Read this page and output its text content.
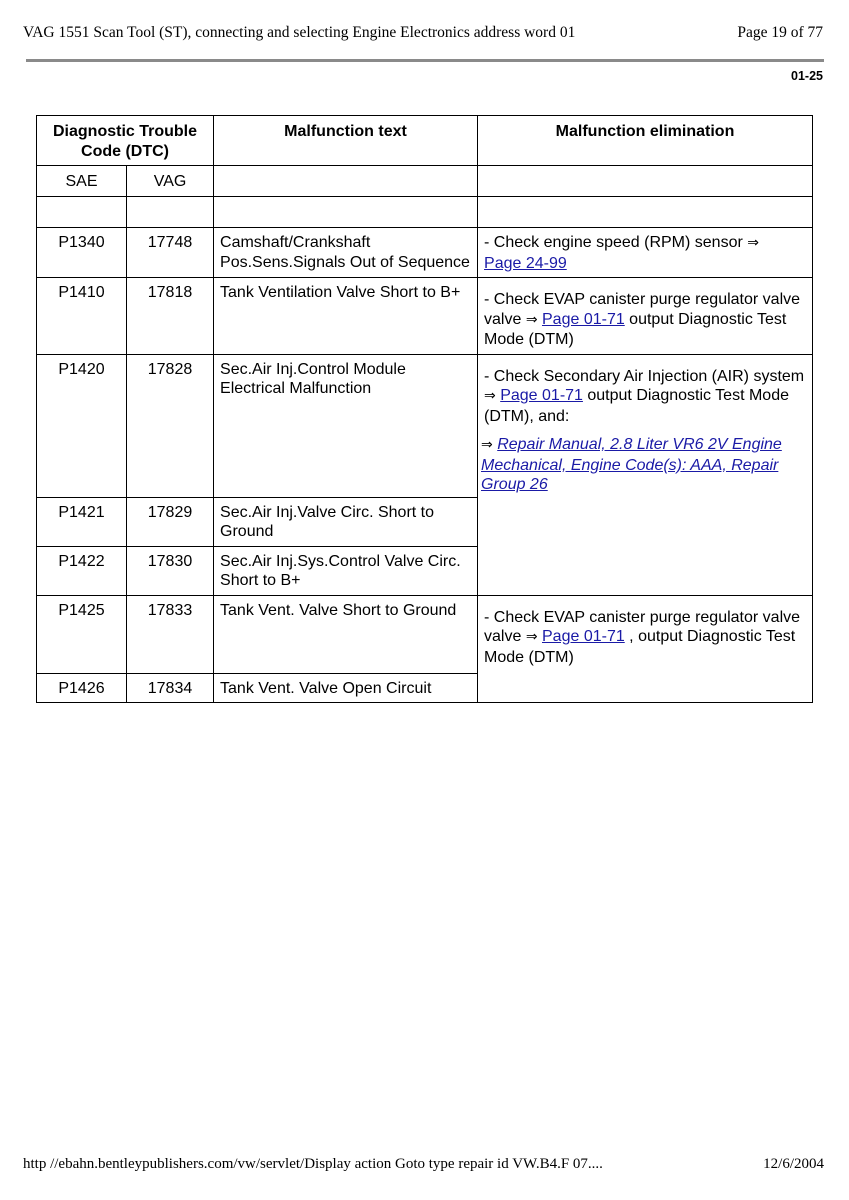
VAG 1551 Scan Tool (ST), connecting and selecting Engine Electronics address word 01	Page 19 of 77
01-25
Diagnostic Trouble Code (DTC)		Malfunction text	Malfunction elimination
SAE	VAG		

P1340	17748	Camshaft/Crankshaft Pos.Sens.Signals Out of Sequence	- Check engine speed (RPM) sensor ⇒
Page 24-99
P1410	17818	Tank Ventilation Valve Short to B+	- Check EVAP canister purge regulator valve
valve ⇒ Page 01-71 output Diagnostic Test Mode (DTM)
P1420	17828	Sec.Air Inj.Control Module Electrical Malfunction	- Check Secondary Air Injection (AIR) system ⇒ Page 01-71 output Diagnostic Test Mode (DTM), and:
⇒ Repair Manual, 2.8 Liter VR6 2V Engine Mechanical, Engine Code(s): AAA, Repair Group 26

P1421	17829	Sec.Air Inj.Valve Circ. Short to Ground	
P1422	17830	Sec.Air Inj.Sys.Control Valve Circ. Short to B+	
P1425	17833	Tank Vent. Valve Short to Ground	- Check EVAP canister purge regulator valve
valve ⇒ Page 01-71 , output Diagnostic Test Mode (DTM)
P1426	17834	Tank Vent. Valve Open Circuit	
http //ebahn.bentleypublishers.com/vw/servlet/Display action Goto type repair id VW.B4.F 07....	12/6/2004
